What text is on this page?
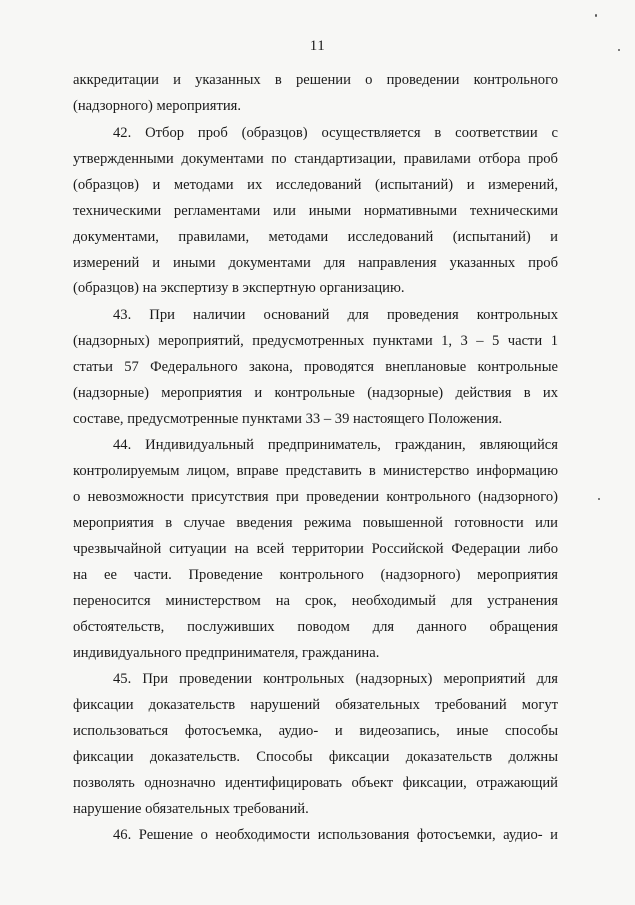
11
аккредитации и указанных в решении о проведении контрольного
(надзорного) мероприятия.
42. Отбор проб (образцов) осуществляется в соответствии с
утвержденными документами по стандартизации, правилами отбора проб
(образцов) и методами их исследований (испытаний) и измерений,
техническими регламентами или иными нормативными техническими
документами, правилами, методами исследований (испытаний) и
измерений и иными документами для направления указанных проб
(образцов) на экспертизу в экспертную организацию.
43. При наличии оснований для проведения контрольных
(надзорных) мероприятий, предусмотренных пунктами 1, 3 – 5 части 1
статьи 57 Федерального закона, проводятся внеплановые контрольные
(надзорные) мероприятия и контрольные (надзорные) действия в их
составе, предусмотренные пунктами 33 – 39 настоящего Положения.
44. Индивидуальный предприниматель, гражданин, являющийся
контролируемым лицом, вправе представить в министерство информацию
о невозможности присутствия при проведении контрольного (надзорного)
мероприятия в случае введения режима повышенной готовности или
чрезвычайной ситуации на всей территории Российской Федерации либо
на ее части. Проведение контрольного (надзорного) мероприятия
переносится министерством на срок, необходимый для устранения
обстоятельств, послуживших поводом для данного обращения
индивидуального предпринимателя, гражданина.
45. При проведении контрольных (надзорных) мероприятий для
фиксации доказательств нарушений обязательных требований могут
использоваться фотосъемка, аудио- и видеозапись, иные способы
фиксации доказательств. Способы фиксации доказательств должны
позволять однозначно идентифицировать объект фиксации, отражающий
нарушение обязательных требований.
46. Решение о необходимости использования фотосъемки, аудио- и
